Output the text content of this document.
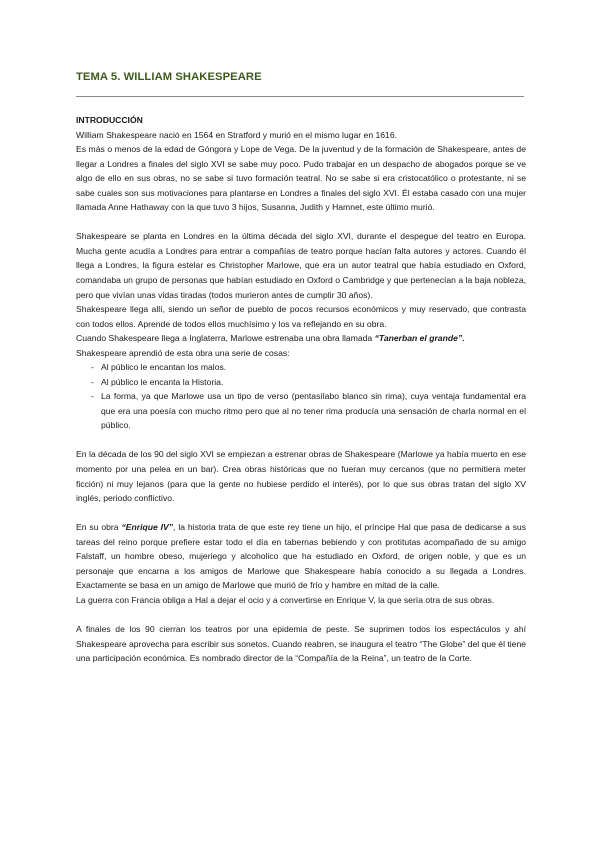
TEMA 5. WILLIAM SHAKESPEARE

INTRODUCCIÓN

William Shakespeare nació en 1564 en Stratford y murió en el mismo lugar en 1616.

Es más o menos de la edad de Góngora y Lope de Vega. De la juventud y de la formación de Shakespeare, antes de llegar a Londres a finales del siglo XVI se sabe muy poco. Pudo trabajar en un despacho de abogados porque se ve algo de ello en sus obras, no se sabe si tuvo formación teatral. No se sabe si era cristocatólico o protestante, ni se sabe cuales son sus motivaciones para plantarse en Londres a finales del siglo XVI. Él estaba casado con una mujer llamada Anne Hathaway con la que tuvo 3 hijos, Susanna, Judith y Hamnet, este último murió.

Shakespeare se planta en Londres en la última década del siglo XVI, durante el despegue del teatro en Europa. Mucha gente acudía a Londres para entrar a compañías de teatro porque hacían falta autores y actores. Cuando él llega a Londres, la figura estelar es Christopher Marlowe, que era un autor teatral que había estudiado en Oxford, comandaba un grupo de personas que habían estudiado en Oxford o Cambridge y que pertenecían a la baja nobleza, pero que vivían unas vidas tiradas (todos murieron antes de cumplir 30 años).

Shakespeare llega allí, siendo un señor de pueblo de pocos recursos económicos y muy reservado, que contrasta con todos ellos. Aprende de todos ellos muchísimo y los va reflejando en su obra.

Cuando Shakespeare llega a Inglaterra, Marlowe estrenaba una obra llamada “Tanerban el grande”.

Shakespeare aprendió de esta obra una serie de cosas:

- Al público le encantan los malos.
- Al público le encanta la Historia.
- La forma, ya que Marlowe usa un tipo de verso (pentasílabo blanco sin rima), cuya ventaja fundamental era que era una poesía con mucho ritmo pero que al no tener rima producía una sensación de charla normal en el público.

En la década de los 90 del siglo XVI se empiezan a estrenar obras de Shakespeare (Marlowe ya había muerto en ese momento por una pelea en un bar). Crea obras históricas que no fueran muy cercanos (que no permitiera meter ficción) ni muy lejanos (para que la gente no hubiese perdido el interés), por lo que sus obras tratan del siglo XV inglés, periodo conflictivo.

En su obra “Enrique IV”, la historia trata de que este rey tiene un hijo, el príncipe Hal que pasa de dedicarse a sus tareas del reino porque prefiere estar todo el día en tabernas bebiendo y con protitutas acompañado de su amigo Falstaff, un hombre obeso, mujeriego y alcoholico que ha estudiado en Oxford, de origen noble, y que es un personaje que encarna a los amigos de Marlowe que Shakespeare había conocido a su llegada a Londres. Exactamente se basa en un amigo de Marlowe que murió de frío y hambre en mitad de la calle.

La guerra con Francia obliga a Hal a dejar el ocio y a convertirse en Enrique V, la que sería otra de sus obras.

A finales de los 90 cierran los teatros por una epidemia de peste. Se suprimen todos los espectáculos y ahí Shakespeare aprovecha para escribir sus sonetos. Cuando reabren, se inaugura el teatro “The Globe” del que él tiene una participación económica. Es nombrado director de la “Compañía de la Reina”, un teatro de la Corte.
